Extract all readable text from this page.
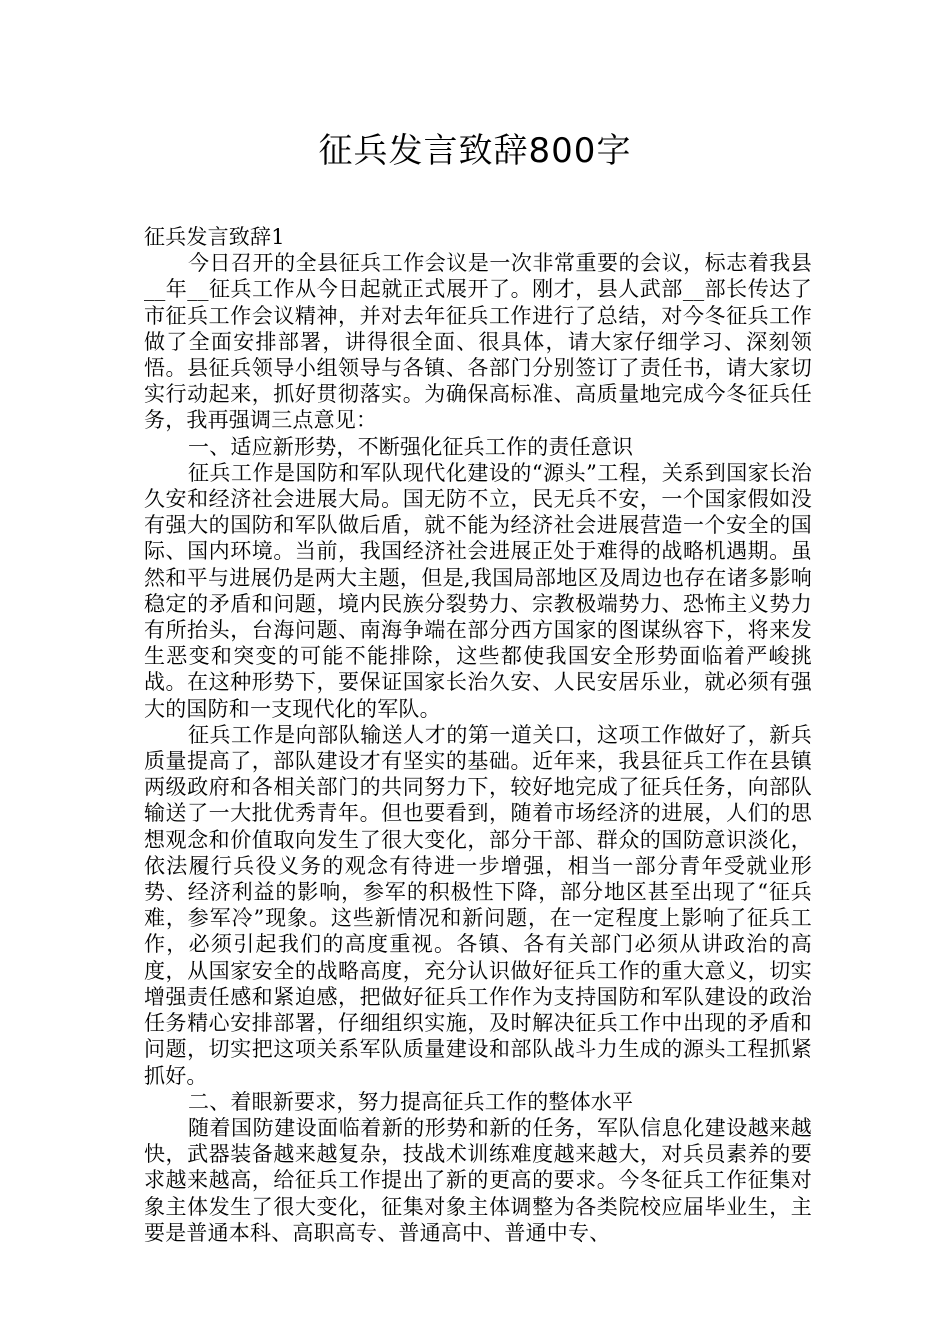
征兵发言致辞800字

征兵发言致辞1

今日召开的全县征兵工作会议是一次非常重要的会议，标志着我县__年__征兵工作从今日起就正式展开了。刚才，县人武部__部长传达了市征兵工作会议精神，并对去年征兵工作进行了总结，对今冬征兵工作做了全面安排部署，讲得很全面、很具体，请大家仔细学习、深刻领悟。县征兵领导小组领导与各镇、各部门分别签订了责任书，请大家切实行动起来，抓好贯彻落实。为确保高标准、高质量地完成今冬征兵任务，我再强调三点意见：

一、适应新形势，不断强化征兵工作的责任意识

征兵工作是国防和军队现代化建设的“源头”工程，关系到国家长治久安和经济社会进展大局。国无防不立，民无兵不安，一个国家假如没有强大的国防和军队做后盾，就不能为经济社会进展营造一个安全的国际、国内环境。当前，我国经济社会进展正处于难得的战略机遇期。虽然和平与进展仍是两大主题，但是,我国局部地区及周边也存在诸多影响稳定的矛盾和问题，境内民族分裂势力、宗教极端势力、恐怖主义势力有所抬头，台海问题、南海争端在部分西方国家的图谋纵容下，将来发生恶变和突变的可能不能排除，这些都使我国安全形势面临着严峻挑战。在这种形势下，要保证国家长治久安、人民安居乐业，就必须有强大的国防和一支现代化的军队。

征兵工作是向部队输送人才的第一道关口，这项工作做好了，新兵质量提高了，部队建设才有坚实的基础。近年来，我县征兵工作在县镇两级政府和各相关部门的共同努力下，较好地完成了征兵任务，向部队输送了一大批优秀青年。但也要看到，随着市场经济的进展，人们的思想观念和价值取向发生了很大变化，部分干部、群众的国防意识淡化，依法履行兵役义务的观念有待进一步增强，相当一部分青年受就业形势、经济利益的影响，参军的积极性下降，部分地区甚至出现了“征兵难，参军冷”现象。这些新情况和新问题，在一定程度上影响了征兵工作，必须引起我们的高度重视。各镇、各有关部门必须从讲政治的高度，从国家安全的战略高度，充分认识做好征兵工作的重大意义，切实增强责任感和紧迫感，把做好征兵工作作为支持国防和军队建设的政治任务精心安排部署，仔细组织实施，及时解决征兵工作中出现的矛盾和问题，切实把这项关系军队质量建设和部队战斗力生成的源头工程抓紧抓好。

二、着眼新要求，努力提高征兵工作的整体水平

随着国防建设面临着新的形势和新的任务，军队信息化建设越来越快，武器装备越来越复杂，技战术训练难度越来越大，对兵员素养的要求越来越高，给征兵工作提出了新的更高的要求。今冬征兵工作征集对象主体发生了很大变化，征集对象主体调整为各类院校应届毕业生，主要是普通本科、高职高专、普通高中、普通中专、
